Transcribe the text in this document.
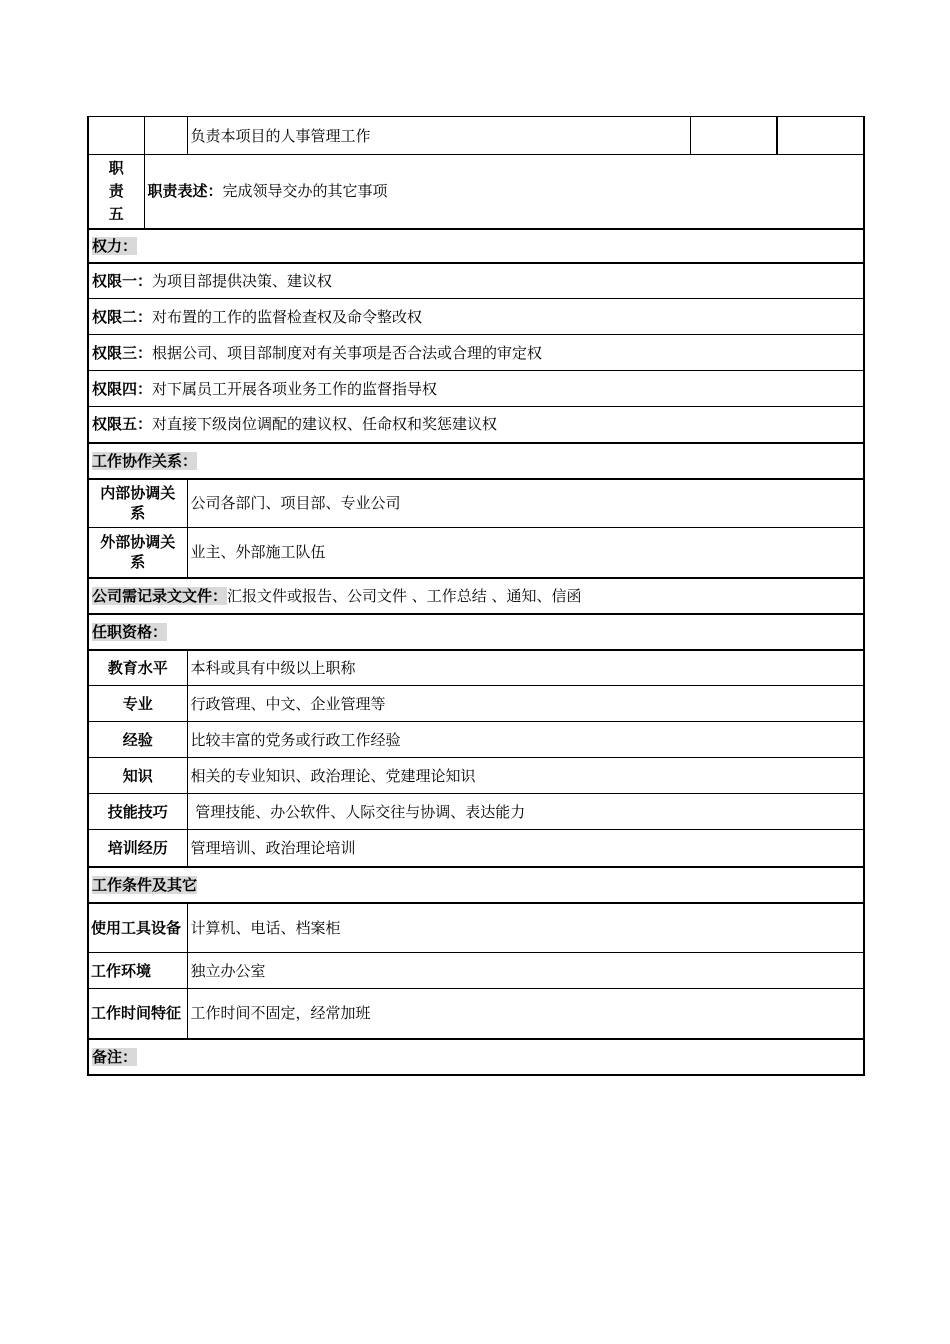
		负责本项目的人事管理工作		
职
责
五	职责表述：完成领导交办的其它事项			
权力：				
权限一：为项目部提供决策、建议权				
权限二：对布置的工作的监督检查权及命令整改权				
权限三：根据公司、项目部制度对有关事项是否合法或合理的审定权				
权限四：对下属员工开展各项业务工作的监督指导权				
权限五：对直接下级岗位调配的建议权、任命权和奖惩建议权				
工作协作关系：				
内部协调关系		公司各部门、项目部、专业公司		
外部协调关系		业主、外部施工队伍		
公司需记录文文件：汇报文件或报告、公司文件 、工作总结 、通知、信函				
任职资格：				
教育水平		本科或具有中级以上职称		
专业		行政管理、中文、企业管理等		
经验		比较丰富的党务或行政工作经验		
知识		相关的专业知识、政治理论、党建理论知识		
技能技巧		管理技能、办公软件、人际交往与协调、表达能力		
培训经历		管理培训、政治理论培训		
工作条件及其它				
使用工具设备		计算机、电话、档案柜		
工作环境		独立办公室		
工作时间特征		工作时间不固定，经常加班		
备注：				
